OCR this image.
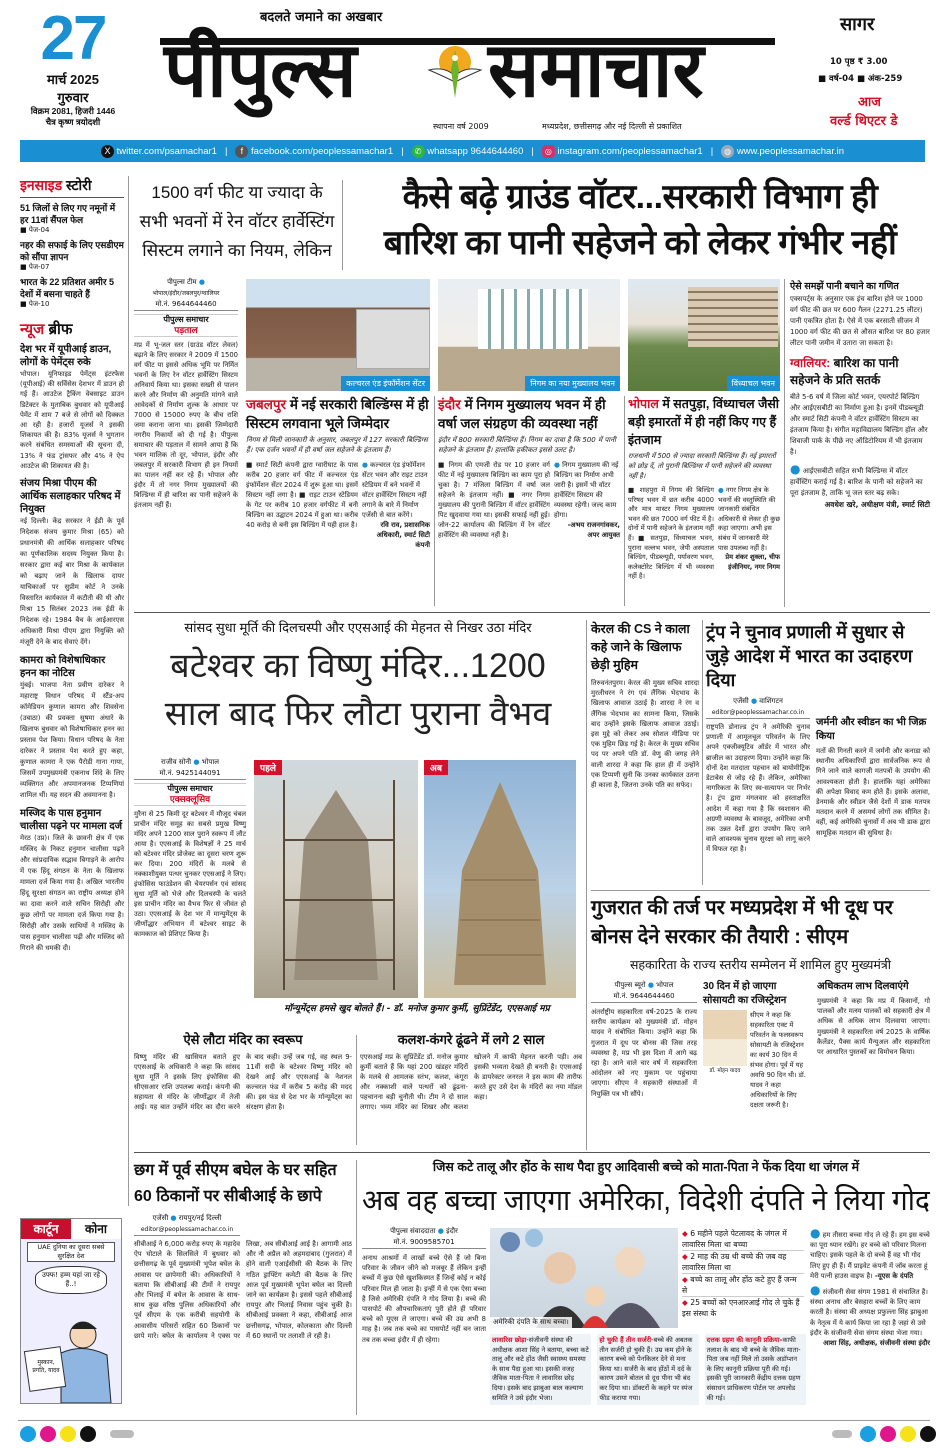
27
मार्च 2025
गुरुवार
विक्रम 2081, हिजरी 1446
चैत्र कृष्ण त्रयोदशी
बदलते जमाने का अखबार
पीपुल्स	समाचार
स्थापना वर्ष 2009	मध्यप्रदेश, छत्तीसगढ़ और नई दिल्ली से प्रकाशित
सागर
10 पृष्ठ ₹ 3.00
■ वर्ष-04 ■ अंक-259
आज
वर्ल्ड थिएटर डे
X twitter.com/psamachar1 |	f facebook.com/peoplessamachar1 |	✆ whatsapp 9644644460 |	◎ instagram.com/peoplessamachar1 |	◍ www.peoplessamachar.in
इनसाइड स्टोरी
51 जिलों से लिए गए नमूनों में हर 11वां सैंपल फेल
■ पेज-04
नहर की सफाई के लिए एसडीएम को सौंपा ज्ञापन
■ पेज-07
भारत के 22 प्रतिशत अमीर 5 देशों में बसना चाहते हैं
■ पेज-10
न्यूज ब्रीफ
देश भर में यूपीआई डाउन, लोगों के पेमेंट्स रुके
भोपाल। यूनिफाइड पेमेंट्स इंटरफेस (यूपीआई) की सर्विसेस देशभर में डाउन हो गई हैं। आउटेज ट्रैकिंग वेबसाइट डाउन डिटेक्टर के मुताबिक बुधवार को यूपीआई पेमेंट में शाम 7 बजे से लोगों को दिक्कत आ रही है। हजारों यूजर्स ने इसकी शिकायत की है। 83% यूजर्स ने भुगतान करने संबंधित समस्याओं की सूचना दी, 13% ने फंड ट्रांसफर और 4% ने ऐप आउटेज की शिकायत की है।
संजय मिश्रा पीएम की आर्थिक सलाहकार परिषद में नियुक्त
नई दिल्ली। केंद्र सरकार ने ईडी के पूर्व निदेशक संजय कुमार मिश्रा (65) को प्रधानमंत्री की आर्थिक सलाहकार परिषद का पूर्णकालिक सदस्य नियुक्त किया है। सरकार द्वारा कई बार मिश्रा के कार्यकाल को बढ़ाए जाने के खिलाफ दायर याचिकाओं पर सुप्रीम कोर्ट ने उनके विस्तारित कार्यकाल में कटौती की थी और मिश्रा 15 सितंबर 2023 तक ईडी के निदेशक रहे। 1984 बैच के आईआरएस अधिकारी मिश्रा पीएम द्वारा नियुक्ति को मंजूरी देने के बाद सेवाएं देंगे।
कामरा को विशेषाधिकार हनन का नोटिस
मुंबई। भाजपा नेता प्रवीण दारेकर ने महाराष्ट्र विधान परिषद में स्टैंड-अप कॉमेडियन कुणाल कामरा और शिवसेना (उबाठा) की प्रवक्ता सुषमा अंधारे के खिलाफ बुधवार को विशेषाधिकार हनन का प्रस्ताव पेश किया। विधान परिषद के नेता दारेकर ने प्रस्ताव पेश करते हुए कहा, कुणाल कामरा ने एक पैरोडी गाना गाया, जिसमें उपमुख्यमंत्री एकनाथ शिंदे के लिए व्यक्तिगत और अपमानजनक टिप्पणियां शामिल थीं। यह सदन की अवमानना है।
मस्जिद के पास हनुमान चालीसा पढ़ने पर मामला दर्ज
मेरठ (उप्र)। जिले के छावनी क्षेत्र में एक मस्जिद के निकट हनुमान चालीसा पढ़ने और सांप्रदायिक सद्भाव बिगाड़ने के आरोप में एक हिंदू संगठन के नेता के खिलाफ मामला दर्ज किया गया है। अखिल भारतीय हिंदू सुरक्षा संगठन का राष्ट्रीय अध्यक्ष होने का दावा करने वाले सचिन सिरोही और कुछ लोगों पर मामला दर्ज किया गया है। सिरोही और उसके साथियों ने मस्जिद के पास हनुमान चालीसा पढ़ी और मस्जिद को गिराने की धमकी दी।
कार्टून	कोना
UAE दुनिया का दूसरा सबसे सुरक्षित देश
उफ्फ! हम्म यहां जा रहे हैं..!
मुस्कान, प्रगति, यादव
1500 वर्ग फीट या ज्यादा के सभी भवनों में रेन वॉटर हार्वेस्टिंग सिस्टम लगाने का नियम, लेकिन
कैसे बढ़े ग्राउंड वॉटर...सरकारी विभाग ही
बारिश का पानी सहेजने को लेकर गंभीर नहीं
पीपुल्स टीम ●
भोपाल/इंदौर/जबलपुर/ग्वालियर
मो.नं. 9644644460
पीपुल्स समाचार
पड़ताल
मप्र में भू-जल स्तर (ग्राउंड वॉटर लेवल) बढ़ाने के लिए सरकार ने 2009 में 1500 वर्ग फीट या इससे अधिक भूमि पर निर्मित भवनों के लिए रेन वॉटर हार्वेस्टिंग सिस्टम अनिवार्य किया था। इसका सख्ती से पालन करने और निर्माण की अनुमति मांगने वाले आवेदकों से निर्माण शुल्क के आधार पर 7000 से 15000 रुपए के बीच राशि जमा कराना जाना था। इसकी जिम्मेदारी नगरीय निकायों को दी गई है। पीपुल्स समाचार की पड़ताल में सामने आया है कि भवन मालिक तो दूर, भोपाल, इंदौर और जबलपुर में सरकारी विभाग ही इन नियमों का पालन नहीं कर रहे हैं। भोपाल और इंदौर में तो नगर निगम मुख्यालयों की बिल्डिंग्स में ही बारिश का पानी सहेजने के इंतजाम नहीं हैं।
कल्चरल एंड इंफॉर्मेशन सेंटर	निगम का नया मुख्यालय भवन	विंध्याचल भवन
जबलपुर में नई सरकारी बिल्डिंग्स में ही सिस्टम लगवाना भूले जिम्मेदार
निगम से मिली जानकारी के अनुसार, जबलपुर में 127 सरकारी बिल्डिंग्स हैं। एक दर्जन भवनों में ही वर्षा जल सहेजने के इंतजाम हैं।
■ स्मार्ट सिटी कंपनी द्वारा ग्वारीघाट के पास करीब 20 हजार वर्ग फीट में कल्चरल एंड इंफॉर्मेशन सेंटर 2024 में शुरू हुआ था। इसमें सिस्टम नहीं लगा है। ■ राइट टाउन स्टेडियम के गेट पर करीब 10 हजार वर्गफीट में बनी बिल्डिंग का उद्घाटन 2024 में हुआ था। करीब 40 करोड़ से बनी इस बिल्डिंग में यही हाल है।
● कल्चरल एंड इंफॉर्मेशन सेंटर भवन और राइट टाउन स्टेडियम में बने भवनों में वॉटर हार्वेस्टिंग सिस्टम नहीं लगाने के बारे में निर्माण एजेंसी से बात करेंगे।
रवि राव, प्रशासनिक अधिकारी, स्मार्ट सिटी कंपनी
इंदौर में निगम मुख्यालय भवन में ही वर्षा जल संग्रहण की व्यवस्था नहीं
इंदौर में 800 सरकारी बिल्डिंग्स हैं। निगम का दावा है कि 500 में पानी सहेजने के इंतजाम हैं। हालांकि हकीकत इससे उलट है।
■ निगम की एमजी रोड पर 10 हजार वर्ग फीट में नई मुख्यालय बिल्डिंग का काम पूरा हो चुका है। 7 मंजिला बिल्डिंग में वर्षा जल सहेजने के इंतजाम नहीं। ■ नगर निगम मुख्यालय की पुरानी बिल्डिंग में वॉटर हार्वेस्टिंग पिट खुदवाया गया था। इसकी सफाई नहीं हुई। जोन-22 कार्यालय की बिल्डिंग में रेन वॉटर हार्वेस्टिंग की व्यवस्था नहीं है।
● निगम मुख्यालय की नई बिल्डिंग का निर्माण अभी जारी है। इसमें भी वॉटर हार्वेस्टिंग सिस्टम की व्यवस्था रहेगी। जल्द काम होगा।
-अभय राजनगांवकर, अपर आयुक्त
भोपाल में सतपुड़ा, विंध्याचल जैसी बड़ी इमारतों में ही नहीं किए गए हैं इंतजाम
राजधानी में 500 से ज्यादा सरकारी बिल्डिंग्स हैं। नई इमारतों को छोड़ दें, तो पुरानी बिल्डिंग्स में पानी सहेजने की व्यवस्था नहीं है।
■ शाहपुरा में निगम की बिल्डिंग परिषद भवन में छत करीब 4000 और मात्र मास्टर निगम मुख्यालय भवन की छत 7000 वर्ग फीट में है। दोनों में पानी सहेजने के इंतजाम नहीं हैं। ■ सतपुड़ा, विंध्याचल भवन, पुराना वल्लभ भवन, जेपी अस्पताल बिल्डिंग, पीडब्ल्यूडी, पर्यावरण भवन, कलेक्टोरेट बिल्डिंग में भी व्यवस्था नहीं है।
● नगर निगम क्षेत्र के भवनों की वस्तुस्थिति की जानकारी संबंधित अधिकारी से लेकर ही कुछ कहा जाएगा। अभी इस संबंध में जानकारी मेरे पास उपलब्ध नहीं है।
प्रेम शंकर शुक्ला, चीफ इंजीनियर, नगर निगम
ऐसे समझें पानी बचाने का गणित
एक्सपर्ट्स के अनुसार एक इंच बारिश होने पर 1000 वर्ग फीट की छत पर 600 गैलन (2271.25 लीटर) पानी एकत्रित होता है। ऐसे में एक बरसाती सीजन में 1000 वर्ग फीट की छत से औसत बारिश पर 80 हजार लीटर पानी जमीन में उतारा जा सकता है।
ग्वालियर: बारिश का पानी सहेजने के प्रति सतर्क
बीते 5-6 वर्ष में जिला कोर्ट भवन, एयरपोर्ट बिल्डिंग और आईएसबीटी का निर्माण हुआ है। इनमें पीडब्ल्यूडी और स्मार्ट सिटी कंपनी ने वॉटर हार्वेस्टिंग सिस्टम का इंतजाम किया है। संगीत महाविद्यालय बिल्डिंग हॉल और शिवाजी पार्क के पीछे नए ऑडिटोरियम में भी इंतजाम है।
● आईएसबीटी सहित सभी बिल्डिंग्स में वॉटर हार्वेस्टिंग कराई गई है। बारिश के पानी को सहेजने का पूरा इंतजाम है, ताकि भू जल स्तर बढ़ सके।
अवधेश खरे, अधीक्षण यंत्री, स्मार्ट सिटी
सांसद सुधा मूर्ति की दिलचस्पी और एएसआई की मेहनत से निखर उठा मंदिर
बटेश्वर का विष्णु मंदिर...1200
साल बाद फिर लौटा पुराना वैभव
राजीव सोनी ● भोपाल
मो.नं. 9425144091
पीपुल्स समाचार
एक्सक्लूसिव
मुरैना से 25 किमी दूर बटेश्वर में मौजूद चंबल प्राचीन मंदिर समूह का सबसे प्रमुख विष्णु मंदिर अपने 1200 साल पुराने स्वरूप में लौट आया है। एएसआई के विशेषज्ञों ने 25 मार्च को बटेश्वर मंदिर प्रोजेक्ट का दूसरा चरण शुरू कर दिया। 200 मंदिरों के मलबे से नक्काशीयुक्त पत्थर चुनकर एएसआई ने लिए। इंफोसिस फाउंडेशन की चेयरपर्सन एवं सांसद सुधा मूर्ति को भेजे और दिलचस्पी के चलते इस प्राचीन मंदिर का वैभव फिर से जीवंत हो उठा। एएसआई के देश भर में मान्युमेंट्स के जीर्णोद्धार अभियान में बटेश्वर साइट के कामकाज को प्रेशिएट किया है।
पहले	अब
मॉन्यूमेंट्स हमसे खुद बोलते हैं। - डॉ. मनोज कुमार कुर्मी, सुप्रिंटेंडेंट, एएसआई मप्र
ऐसे लौटा मंदिर का स्वरूप
विष्णु मंदिर की खासियत बताते हुए एएसआई के अधिकारी ने कहा कि सांसद सुधा मूर्ति ने इसके लिए इंफोसिस की सीएसआर राशि उपलब्ध कराई। कंपनी की सहायता से मंदिर के जीर्णोद्धार में तेजी आई। यह बात उन्होंने मंदिर का दौरा करने के बाद कही। उन्हें जब गई, वह स्थल 9-11वीं सदी के बटेश्वर विष्णु मंदिर को देखने आईं और एएसआई के नेशनल कल्चरल फंड में करीब 5 करोड़ की मदद की। इस फंड से देश भर के मॉन्यूमेंट्स का संरक्षण होता है।
कलश-कंगरे ढूंढने में लगे 2 साल
एएसआई मप्र के सुप्रिंटेंडेंट डॉ. मनोज कुमार कुर्मी बताते हैं कि यहां 200 खंडहर मंदिरों के मलबे से आमलक स्तंभ, कलश, कंगूरा और नक्काशी वाले पत्थरों को ढूंढना-पहचानना बड़ी चुनौती थी। टीम ने दो साल लगाए। भव्य मंदिर का शिखर और कलश खोजने में काफी मेहनत करनी पड़ी। अब इसकी भव्यता देखते ही बनती है। एएसआई के डायरेक्टर जनरल ने इस काम की तारीफ करते हुए उसे देश के मंदिरों का नया मॉडल कहा।
केरल की CS ने काला कहे जाने के खिलाफ छेड़ी मुहिम
तिरुवनंतपुरम। केरल की मुख्य सचिव शारदा मुरलीधरन ने रंग एवं लैंगिक भेदभाव के खिलाफ आवाज उठाई है। शारदा ने रंग व लैंगिक भेदभाव का सामना किया, जिसके बाद उन्होंने इसके खिलाफ आवाज उठाई। इस मुद्दे को लेकर अब सोशल मीडिया पर एक मुहिम छिड़ गई है। केरल के मुख्य सचिव पद पर अपने पति डॉ. वेणु की जगह लेने वाली शारदा ने कहा कि हाल ही में उन्होंने एक टिप्पणी सुनी कि उनका कार्यकाल उतना ही काला है, जितना उनके पति का सफेद।
ट्रंप ने चुनाव प्रणाली में सुधार से जुड़े आदेश में भारत का उदाहरण दिया
एजेंसी ● वाशिंगटन
editor@peoplessamachar.co.in
राष्ट्रपति डोनाल्ड ट्रंप ने अमेरिकी चुनाव प्रणाली में आमूलचूल परिवर्तन के लिए अपने एक्जीक्यूटिव ऑर्डर में भारत और ब्राजील का उदाहरण दिया। उन्होंने कहा कि दोनों देश मतदाता पहचान को बायोमीट्रिक डेटाबेस से जोड़ रहे हैं। लेकिन, अमेरिका नागरिकता के लिए स्व-सत्यापन पर निर्भर है। ट्रंप द्वारा मंगलवार को हस्ताक्षरित आदेश में कहा गया है कि स्वशासन की अग्रणी व्यवस्था के बावजूद, अमेरिका अभी तक उन्नत देशों द्वारा उपयोग किए जाने वाले आवश्यक चुनाव सुरक्षा को लागू करने में विफल रहा है।
जर्मनी और स्वीडन का भी जिक्र किया
मतों की गिनती करने में जर्मनी और कनाडा को स्थानीय अधिकारियों द्वारा सार्वजनिक रूप से गिने जाने वाले कागजी मतपत्रों के उपयोग की आवश्यकता होती है। हालांकि यहां अमेरिका की अपेक्षा विवाद कम होते हैं। इसके अलावा, डेनमार्क और स्वीडन जैसे देशों में डाक मतपत्र मतदान करने में असमर्थ लोगों तक सीमित है। वहीं, कई अमेरिकी चुनावों में अब भी डाक द्वारा सामूहिक मतदान की सुविधा है।
गुजरात की तर्ज पर मध्यप्रदेश में भी दूध पर बोनस देने सरकार की तैयारी : सीएम
सहकारिता के राज्य स्तरीय सम्मेलन में शामिल हुए मुख्यमंत्री
पीपुल्स ब्यूरो ● भोपाल
मो.नं. 9644644460
अंतर्राष्ट्रीय सहकारिता वर्ष-2025 के राज्य स्तरीय कार्यक्रम को मुख्यमंत्री डॉ. मोहन यादव ने संबोधित किया। उन्होंने कहा कि गुजरात में दूध पर बोनस की जिस तरह व्यवस्था है, मप्र भी इस दिशा में आगे बढ़ रहा है। आने वाले चार वर्ष में सहकारिता आंदोलन को नए मुकाम पर पहुंचाया जाएगा। सीएम ने सहकारी संस्थाओं में नियुक्ति पत्र भी सौंपे।
30 दिन में हो जाएगा सोसायटी का रजिस्ट्रेशन
डॉ. मोहन यादव
सीएम ने कहा कि सहकारिता एक्ट में परिवर्तन के फलस्वरूप सोसायटी के रजिस्ट्रेशन का कार्य 30 दिन में संभव होगा। पूर्व में यह अवधि 90 दिन थी। डॉ. यादव ने कहा अधिकारियों के लिए दक्षता जरूरी है।
अधिकतम लाभ दिलवाएंगे
मुख्यमंत्री ने कहा कि मप्र में किसानों, गो पालकों और मत्स्य पालकों को सहकारी क्षेत्र में अधिक से अधिक लाभ दिलवाया जाएगा। मुख्यमंत्री ने सहकारिता वर्ष 2025 के वार्षिक कैलेंडर, पैक्स कार्य मैन्युअल और सहकारिता पर आधारित पुस्तकों का विमोचन किया।
छग में पूर्व सीएम बघेल के घर सहित 60 ठिकानों पर सीबीआई के छापे
एजेंसी ● रायपुर/नई दिल्ली
editor@peoplessamachar.co.in
सीबीआई ने 6,000 करोड़ रुपए के महादेव ऐप घोटाले के सिलसिले में बुधवार को छत्तीसगढ़ के पूर्व मुख्यमंत्री भूपेश बघेल के आवास पर छापेमारी की। अधिकारियों ने बताया कि सीबीआई की टीमों ने रायपुर और भिलाई में बघेल के आवास के साथ-साथ कुछ वरिष्ठ पुलिस अधिकारियों और पूर्व सीएम के एक करीबी सहयोगी के आवासीय परिसरों सहित 60 ठिकानों पर छापे मारे। बघेल के कार्यालय ने एक्स पर लिखा, अब सीबीआई आई है। आगामी आठ और नौ अप्रैल को अहमदाबाद (गुजरात) में होने वाली एआईसीसी की बैठक के लिए गठित ड्राफ्टिंग कमेटी की बैठक के लिए आज पूर्व मुख्यमंत्री भूपेश बघेल का दिल्ली जाने का कार्यक्रम है। इससे पहले सीबीआई रायपुर और भिलाई निवास पहुंच चुकी है। सीबीआई प्रवक्ता ने कहा, सीबीआई आज छत्तीसगढ़, भोपाल, कोलकाता और दिल्ली में 60 स्थानों पर तलाशी ले रही है।
जिस कटे तालू और होंठ के साथ पैदा हुए आदिवासी बच्चे को माता-पिता ने फेंक दिया था जंगल में
अब वह बच्चा जाएगा अमेरिका, विदेशी दंपति ने लिया गोद
पीपुल्स संवाददाता ● इंदौर
मो.नं. 9009585701
अनाथ आश्रमों में लाखों बच्चे ऐसे हैं जो बिना परिवार के जीवन जीने को मजबूर हैं लेकिन इन्हीं बच्चों में कुछ ऐसे खुशकिस्मत हैं जिन्हें कोई न कोई परिवार मिल ही जाता है। इन्हीं में से एक ऐसा बच्चा है जिसे अमेरिकी दंपति ने गोद लिया है। बच्चे की पासपोर्ट की औपचारिकताएं पूरी होते ही परिवार बच्चे को यूएस ले जाएगा। बच्चे की उम्र अभी 8 माह है। जब तक बच्चे का पासपोर्ट नहीं बन जाता तब तक बच्चा इंदौर में ही रहेगा।
अमेरिकी दंपति के साथ बच्चा।
◆ 6 महीने पहले पेटलावद के जंगल में लावारिस मिला था बच्चा
◆ 2 माह की उम्र थी बच्चे की जब वह लावारिस मिला था
◆ बच्चे का तालू और होंठ कटे हुए हैं जन्म से
◆ 25 बच्चों को एनआरआई गोद ले चुके हैं इस संस्था के
● हम तीसरा बच्चा गोद ले रहे हैं। हम इस बच्चे का पूरा ध्यान रखेंगे। हर बच्चे को परिवार मिलना चाहिए। इसके पहले के दो बच्चे हैं वह भी गोद लिए हुए ही हैं। मैं प्राइवेट कंपनी में जॉब करता हूं मेरी पत्नी हाउस वाइफ है। -यूएस के दंपति
● संजीवनी सेवा संगम 1981 से संचालित है। संस्था अनाथ और बेसहारा बच्चों के लिए काम करती है। संस्था की अध्यक्ष प्रफुल्ला सिंह झाबुआ के नेतृत्व में ये कार्य किया जा रहा है जहां से उसे इंदौर के संजीवनी सेवा संगम संस्था भेजा गया।
आशा सिंह, अधीक्षक, संजीवनी संस्था इंदौर
लावारिस छोड़ा-संजीवनी संस्था की अधीक्षक आशा सिंह ने बताया, बच्चा कटे तालू और कटे होंठ जैसी स्वास्थ्य समस्या के साथ पैदा हुआ था। इसकी वजह जैविक माता-पिता ने लावारिस छोड़ दिया। इसके बाद झाबुआ बाल कल्याण समिति ने उसे इंदौर भेजा।
हो चुकी हैं तीन सर्जरी-बच्चे की अबतक तीन सर्जरी हो चुकी हैं। उम्र कम होने के कारण बच्चे को पेनकिलर देने से मना किया था। सर्जरी के बाद होंठों में दर्द के कारण उसने बोतल से दूध पीना भी बंद कर दिया था। डॉक्टरों के कहने पर स्पंज फीड कराया गया।
दत्तक ग्रहण की कानूनी प्रक्रिया-काफी तलाश के बाद भी बच्चे के जैविक माता-पिता जब नहीं मिले तो उसके अडॉप्शन के लिए कानूनी प्रक्रिया पूरी की गई। इसकी पूरी जानकारी केंद्रीय दत्तक ग्रहण संसाधन प्राधिकरण पोर्टल पर अपलोड की गई।
